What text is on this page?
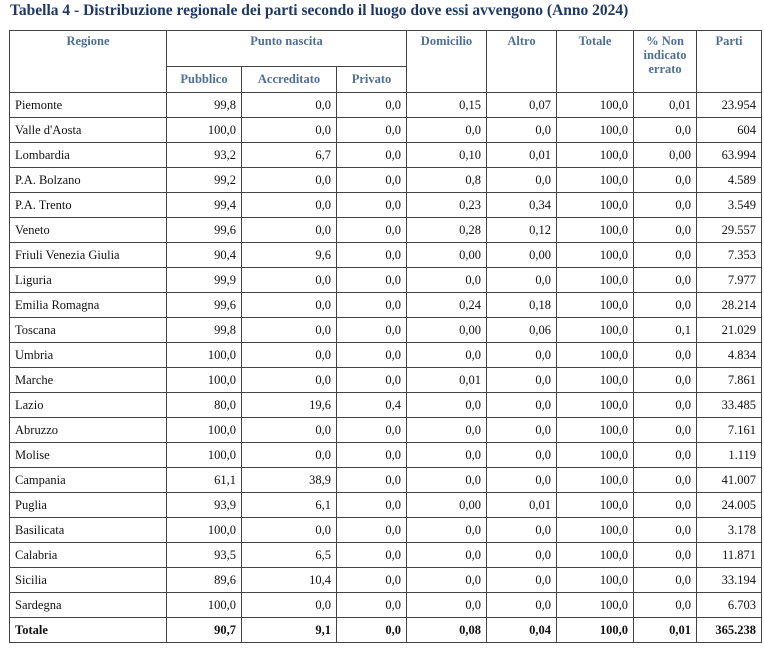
Tabella 4 - Distribuzione regionale dei parti secondo il luogo dove essi avvengono (Anno 2024)
Regione	Punto nascita			Domicilio	Altro	Totale	% Non indicato errato	Parti
	Pubblico	Accreditato	Privato					
Piemonte	99,8	0,0	0,0	0,15	0,07	100,0	0,01	23.954
Valle d'Aosta	100,0	0,0	0,0	0,0	0,0	100,0	0,0	604
Lombardia	93,2	6,7	0,0	0,10	0,01	100,0	0,00	63.994
P.A. Bolzano	99,2	0,0	0,0	0,8	0,0	100,0	0,0	4.589
P.A. Trento	99,4	0,0	0,0	0,23	0,34	100,0	0,0	3.549
Veneto	99,6	0,0	0,0	0,28	0,12	100,0	0,0	29.557
Friuli Venezia Giulia	90,4	9,6	0,0	0,00	0,00	100,0	0,0	7.353
Liguria	99,9	0,0	0,0	0,0	0,0	100,0	0,0	7.977
Emilia Romagna	99,6	0,0	0,0	0,24	0,18	100,0	0,0	28.214
Toscana	99,8	0,0	0,0	0,00	0,06	100,0	0,1	21.029
Umbria	100,0	0,0	0,0	0,0	0,0	100,0	0,0	4.834
Marche	100,0	0,0	0,0	0,01	0,0	100,0	0,0	7.861
Lazio	80,0	19,6	0,4	0,0	0,0	100,0	0,0	33.485
Abruzzo	100,0	0,0	0,0	0,0	0,0	100,0	0,0	7.161
Molise	100,0	0,0	0,0	0,0	0,0	100,0	0,0	1.119
Campania	61,1	38,9	0,0	0,0	0,0	100,0	0,0	41.007
Puglia	93,9	6,1	0,0	0,00	0,01	100,0	0,0	24.005
Basilicata	100,0	0,0	0,0	0,0	0,0	100,0	0,0	3.178
Calabria	93,5	6,5	0,0	0,0	0,0	100,0	0,0	11.871
Sicilia	89,6	10,4	0,0	0,0	0,0	100,0	0,0	33.194
Sardegna	100,0	0,0	0,0	0,0	0,0	100,0	0,0	6.703
Totale	90,7	9,1	0,0	0,08	0,04	100,0	0,01	365.238
